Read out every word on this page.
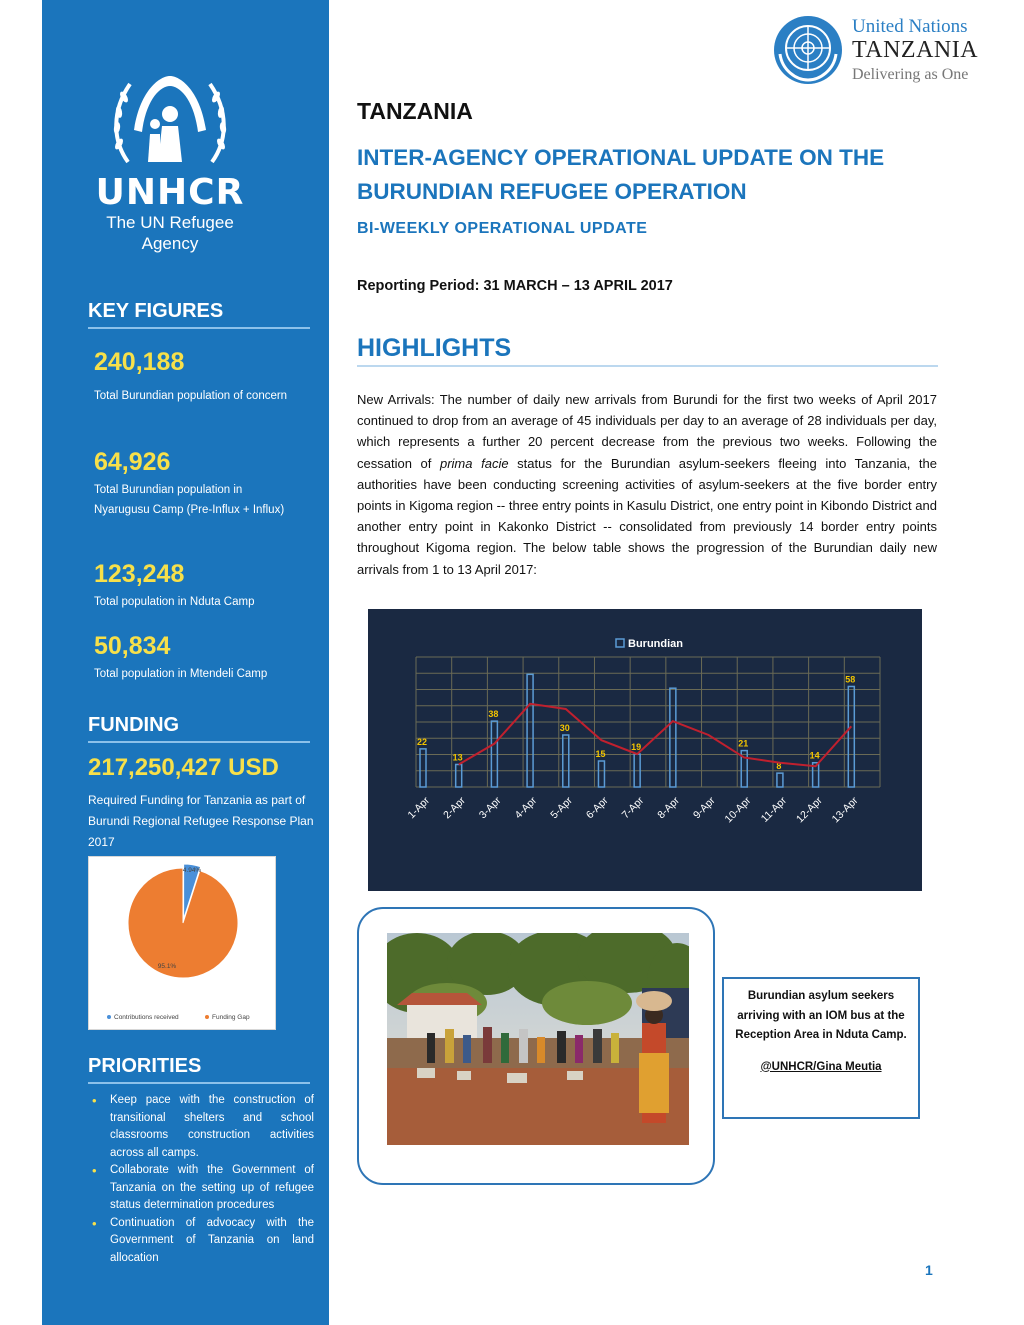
UNHCR
The UN Refugee Agency
KEY FIGURES
240,188
Total Burundian population of concern
64,926
Total Burundian population in Nyarugusu Camp (Pre-Influx + Influx)
123,248
Total population in Nduta Camp
50,834
Total population in Mtendeli Camp
FUNDING
217,250,427 USD
Required Funding for Tanzania as part of Burundi Regional Refugee Response Plan 2017
4.94%
95.1%
Contributions received	Funding Gap
PRIORITIES
• Keep pace with the construction of transitional shelters and school classrooms construction activities across all camps.
• Collaborate with the Government of Tanzania on the setting up of refugee status determination procedures
• Continuation of advocacy with the Government of Tanzania on land allocation
United Nations
TANZANIA
Delivering as One
TANZANIA
INTER-AGENCY OPERATIONAL UPDATE ON THE BURUNDIAN REFUGEE OPERATION
BI-WEEKLY OPERATIONAL UPDATE
Reporting Period: 31 MARCH – 13 APRIL 2017
HIGHLIGHTS
New Arrivals: The number of daily new arrivals from Burundi for the first two weeks of April 2017 continued to drop from an average of 45 individuals per day to an average of 28 individuals per day, which represents a further 20 percent decrease from the previous two weeks. Following the cessation of prima facie status for the Burundian asylum-seekers fleeing into Tanzania, the authorities have been conducting screening activities of asylum-seekers at the five border entry points in Kigoma region -- three entry points in Kasulu District, one entry point in Kibondo District and another entry point in Kakonko District -- consolidated from previously 14 border entry points throughout Kigoma region. The below table shows the progression of the Burundian daily new arrivals from 1 to 13 April 2017:
Burundian
22
13
38
30
15
19	21
8
14
58
1-Apr 2-Apr 3-Apr 4-Apr 5-Apr 6-Apr 7-Apr 8-Apr 9-Apr 10-Apr 11-Apr 12-Apr 13-Apr
Burundian asylum seekers arriving with an IOM bus at the Reception Area in Nduta Camp.
@UNHCR/Gina Meutia
1
